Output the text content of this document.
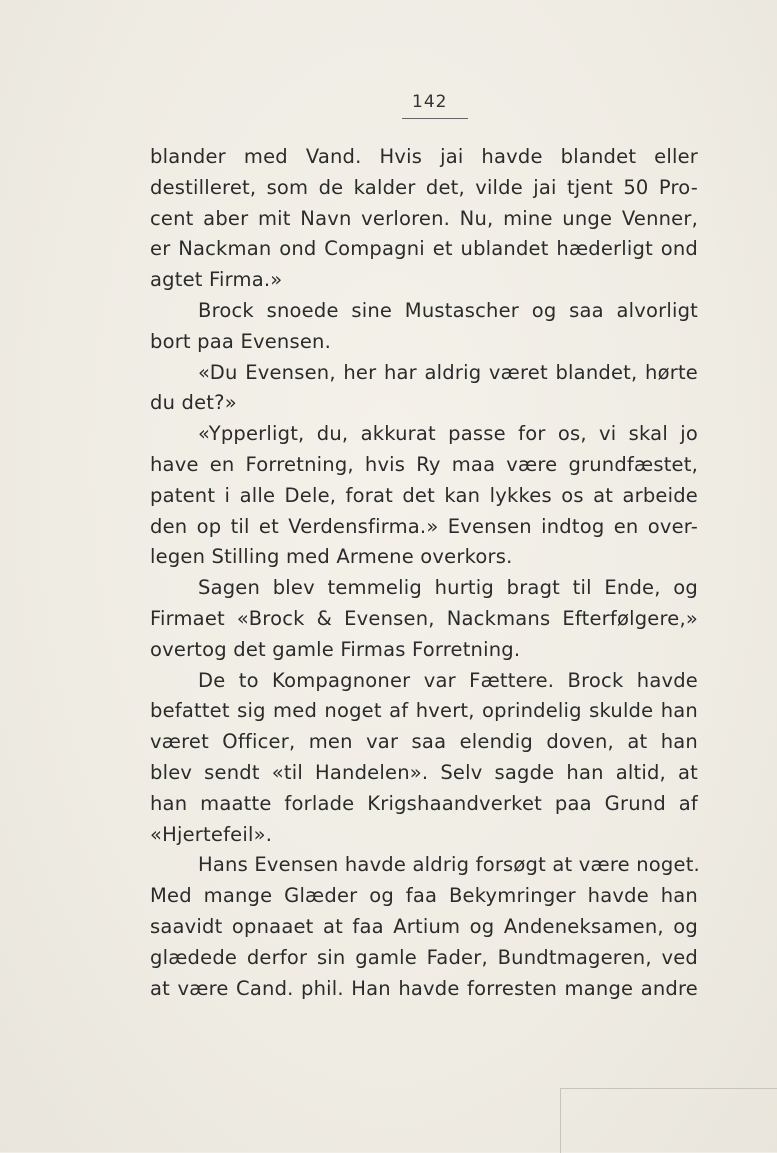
142

blander med Vand. Hvis jai havde blandet eller
destilleret, som de kalder det, vilde jai tjent 50 Pro-
cent aber mit Navn verloren. Nu, mine unge Venner,
er Nackman ond Compagni et ublandet hæderligt ond
agtet Firma.»
Brock snoede sine Mustascher og saa alvorligt
bort paa Evensen.
«Du Evensen, her har aldrig været blandet, hørte
du det?»
«Ypperligt, du, akkurat passe for os, vi skal jo
have en Forretning, hvis Ry maa være grundfæstet,
patent i alle Dele, forat det kan lykkes os at arbeide
den op til et Verdensfirma.» Evensen indtog en over-
legen Stilling med Armene overkors.
Sagen blev temmelig hurtig bragt til Ende, og
Firmaet «Brock & Evensen, Nackmans Efterfølgere,»
overtog det gamle Firmas Forretning.
De to Kompagnoner var Fættere. Brock havde
befattet sig med noget af hvert, oprindelig skulde han
været Officer, men var saa elendig doven, at han
blev sendt «til Handelen». Selv sagde han altid, at
han maatte forlade Krigshaandverket paa Grund af
«Hjertefeil».
Hans Evensen havde aldrig forsøgt at være noget.
Med mange Glæder og faa Bekymringer havde han
saavidt opnaaet at faa Artium og Andeneksamen, og
glædede derfor sin gamle Fader, Bundtmageren, ved
at være Cand. phil. Han havde forresten mange andre
